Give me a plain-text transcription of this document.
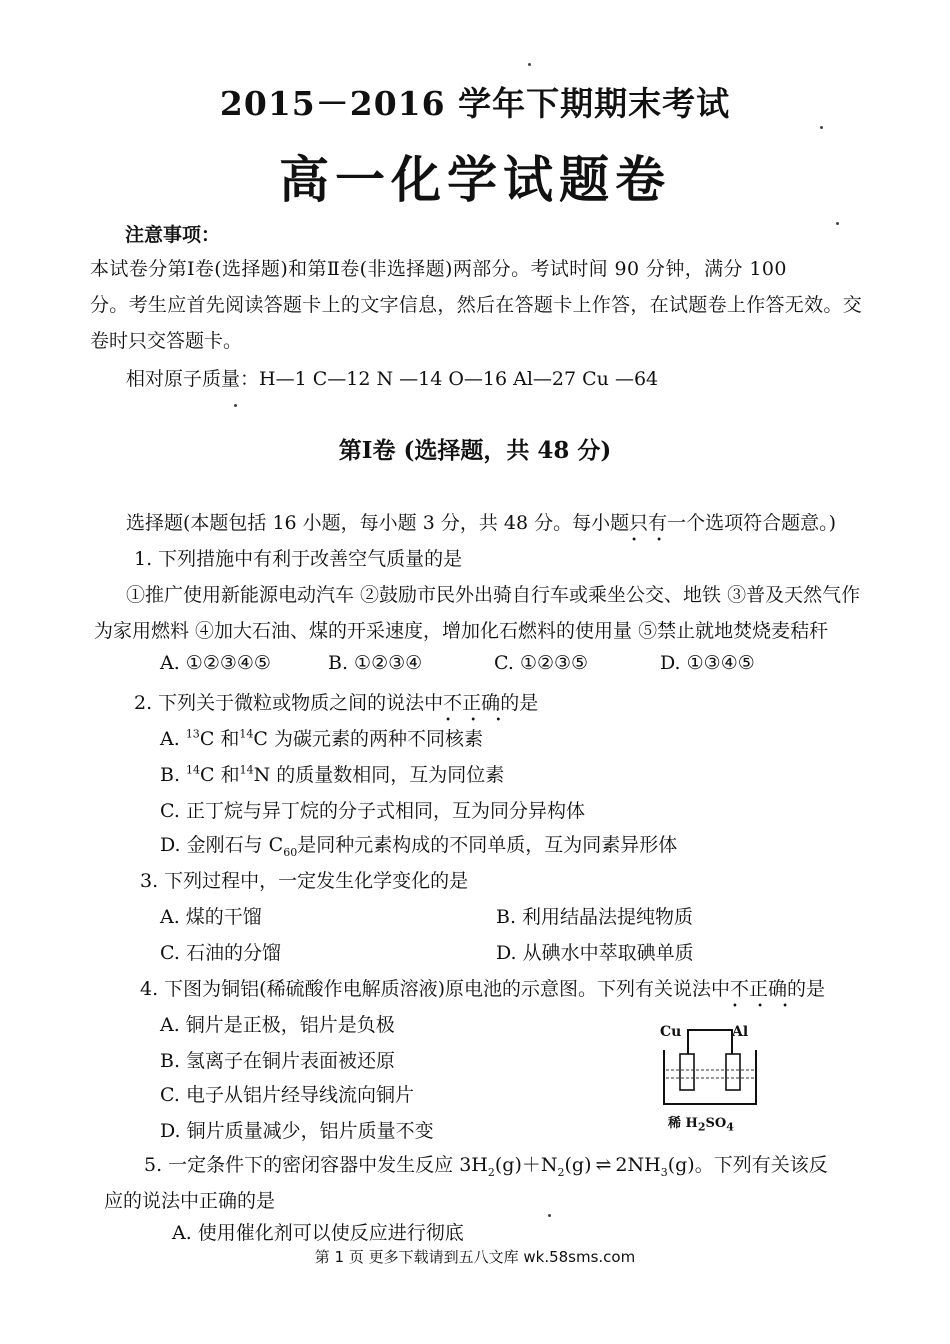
2015－2016 学年下期期末考试
高一化学试题卷
注意事项：
本试卷分第Ⅰ卷(选择题)和第Ⅱ卷(非选择题)两部分。考试时间 90 分钟，满分 100
分。考生应首先阅读答题卡上的文字信息，然后在答题卡上作答，在试题卷上作答无效。交
卷时只交答题卡。
相对原子质量：H—1 C—12 N —14 O—16 Al—27 Cu —64
第Ⅰ卷 (选择题，共 48 分)
选择题(本题包括 16 小题，每小题 3 分，共 48 分。每小题只有一个 • •选项符合题意。)
1. 下列措施中有利于改善空气质量的是
①推广使用新能源电动汽车 ②鼓励市民外出骑自行车或乘坐公交、地铁 ③普及天然气作
为家用燃料 ④加大石油、煤的开采速度，增加化石燃料的使用量 ⑤禁止就地焚烧麦秸秆
A. ①②③④⑤	B. ①②③④	C. ①②③⑤	D. ①③④⑤
2. 下列关于微粒或物质之间的说法中不正确 • • •的是
A. $^{13}$C 和$^{14}$C 为碳元素的两种不同核素
B. $^{14}$C 和$^{14}$N 的质量数相同，互为同位素
C. 正丁烷与异丁烷的分子式相同，互为同分异构体
D. 金刚石与 $C_{60}$是同种元素构成的不同单质，互为同素异形体
3. 下列过程中，一定发生化学变化的是
A. 煤的干馏	B. 利用结晶法提纯物质
C. 石油的分馏	D. 从碘水中萃取碘单质
4. 下图为铜铝(稀硫酸作电解质溶液)原电池的示意图。下列有关说法中不正确 • • •的是
A. 铜片是正极，铝片是负极
B. 氢离子在铜片表面被还原
C. 电子从铝片经导线流向铜片
D. 铜片质量减少，铝片质量不变
Cu	Al
稀 $H_2SO_4$
5. 一定条件下的密闭容器中发生反应 $3H_2(g)+N_2(g)$ ⇌ $2NH_3(g)$。下列有关该反
应的说法中正确的是
A. 使用催化剂可以使反应进行彻底
第 1 页 更多下载请到五八文库 wk.58sms.com
